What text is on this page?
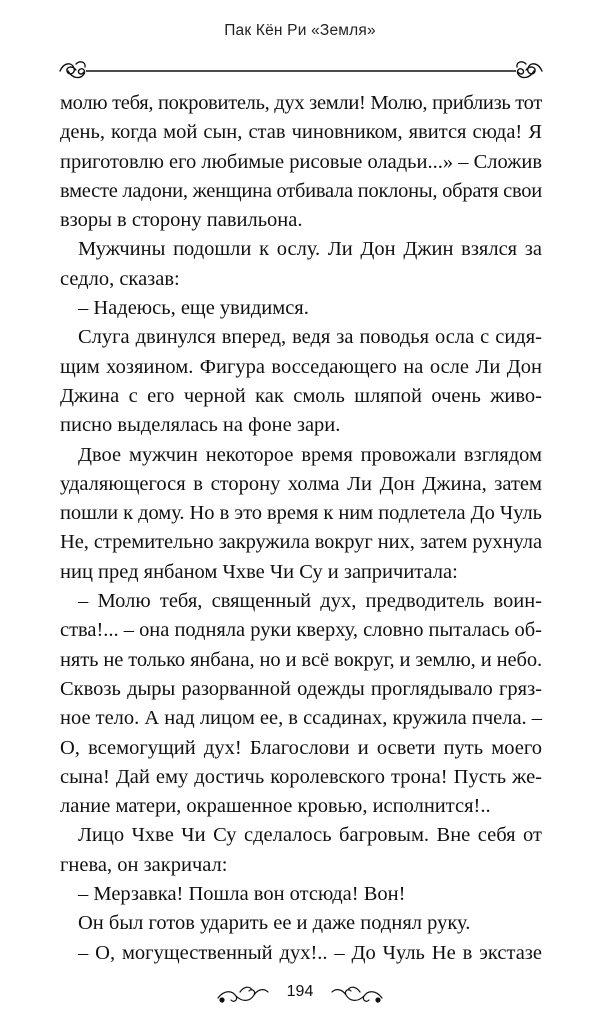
Пак Кён Ри «Земля»
молю тебя, покровитель, дух земли! Молю, приблизь тот
день, когда мой сын, став чиновником, явится сюда! Я
приготовлю его любимые рисовые оладьи...» – Сложив
вместе ладони, женщина отбивала поклоны, обратя свои
взоры в сторону павильона.
Мужчины подошли к ослу. Ли Дон Джин взялся за
седло, сказав:
– Надеюсь, еще увидимся.
Слуга двинулся вперед, ведя за поводья осла с сидя-
щим хозяином. Фигура восседающего на осле Ли Дон
Джина с его черной как смоль шляпой очень живо-
писно выделялась на фоне зари.
Двое мужчин некоторое время провожали взглядом
удаляющегося в сторону холма Ли Дон Джина, затем
пошли к дому. Но в это время к ним подлетела До Чуль
Не, стремительно закружила вокруг них, затем рухнула
ниц пред янбаном Чхве Чи Су и запричитала:
– Молю тебя, священный дух, предводитель воин-
ства!... – она подняла руки кверху, словно пыталась об-
нять не только янбана, но и всё вокруг, и землю, и небо.
Сквозь дыры разорванной одежды проглядывало гряз-
ное тело. А над лицом ее, в ссадинах, кружила пчела. –
О, всемогущий дух! Благослови и освети путь моего
сына! Дай ему достичь королевского трона! Пусть же-
лание матери, окрашенное кровью, исполнится!..
Лицо Чхве Чи Су сделалось багровым. Вне себя от
гнева, он закричал:
– Мерзавка! Пошла вон отсюда! Вон!
Он был готов ударить ее и даже поднял руку.
– О, могущественный дух!.. – До Чуль Не в экстазе
194
